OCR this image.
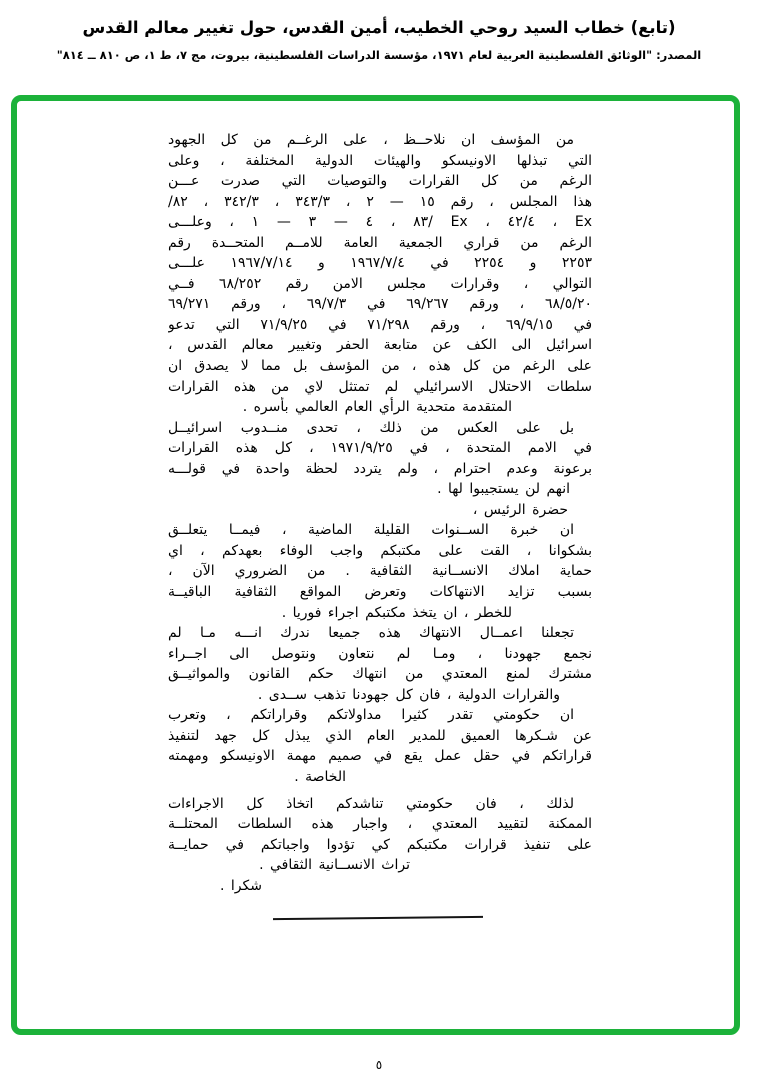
(تابع) خطاب السيد روحي الخطيب، أمين القدس، حول تغيير معالم القدس
المصدر: "الوثائق الفلسطينية العربية لعام ١٩٧١، مؤسسة الدراسات الفلسطينية، بيروت، مج ٧، ط ١، ص ٨١٠ ــ ٨١٤"
من المؤسف ان نلاحــظ ، على الرغــم من كل الجهود
التي تبذلها الاونيسكو والهيئات الدولية المختلفة ، وعلى
الرغم من كل القرارات والتوصيات التي صدرت عـــن
هذا المجلس ، رقم ١٥ — ٢ ، ٣٤٣/٣ ، ٣٤٢/٣ ، ٨٢/
Ex ، ٤٢/٤ ، Ex /٨٣ ، ٤ — ٣ — ١ ، وعلـــى
الرغم من قراري الجمعية العامة للامــم المتحــدة رقم
٢٢٥٣ و ٢٢٥٤ في ١٩٦٧/٧/٤ و ١٩٦٧/٧/١٤ علـــى
التوالي ، وقرارات مجلس الامن رقم ٦٨/٢٥٢ فــي
٦٨/٥/٢٠ ، ورقم ٦٩/٢٦٧ في ٦٩/٧/٣ ، ورقم ٦٩/٢٧١
في ٦٩/٩/١٥ ، ورقم ٧١/٢٩٨ في ٧١/٩/٢٥ التي تدعو
اسرائيل الى الكف عن متابعة الحفر وتغيير معالم القدس ،
على الرغم من كل هذه ، من المؤسف بل مما لا يصدق ان
سلطات الاحتلال الاسرائيلي لم تمتثل لاي من هذه القرارات
المتقدمة متحدية الرأي العام العالمي بأسره .
بل على العكس من ذلك ، تحدى منــدوب اسرائيــل
في الامم المتحدة ، في ١٩٧١/٩/٢٥ ، كل هذه القرارات
برعونة وعدم احترام ، ولم يتردد لحظة واحدة في قولـــه
انهم لن يستجيبوا لها .
حضرة الرئيس ،
ان خبرة الســنوات القليلة الماضية ، فيمــا يتعلــق
بشكوانا ، القت على مكتبكم واجب الوفاء بعهدكم ، اي
حماية املاك الانســانية الثقافية . من الضروري الآن ،
بسبب تزايد الانتهاكات وتعرض المواقع الثقافية الباقيــة
للخطر ، ان يتخذ مكتبكم اجراء فوريا .
تجعلنا اعمــال الانتهاك هذه جميعا ندرك انـــه مـا لم
نجمع جهودنا ، ومـا لم نتعاون ونتوصل الى اجــراء
مشترك لمنع المعتدي من انتهاك حكم القانون والمواثيــق
والقرارات الدولية ، فان كل جهودنا تذهب ســدى .
ان حكومتي تقدر كثيرا مداولاتكم وقراراتكم ، وتعرب
عن شـكرها العميق للمدير العام الذي يبذل كل جهد لتنفيذ
قراراتكم في حقل عمل يقع في صميم مهمة الاونيسكو ومهمته
الخاصة .
لذلك ، فان حكومتي تناشدكم اتخاذ كل الاجراءات
الممكنة لتقييد المعتدي ، واجبار هذه السلطات المحتلــة
على تنفيذ قرارات مكتبكم كي تؤدوا واجباتكم في حمايــة
تراث الانســانية الثقافي .
شكرا .
٥
